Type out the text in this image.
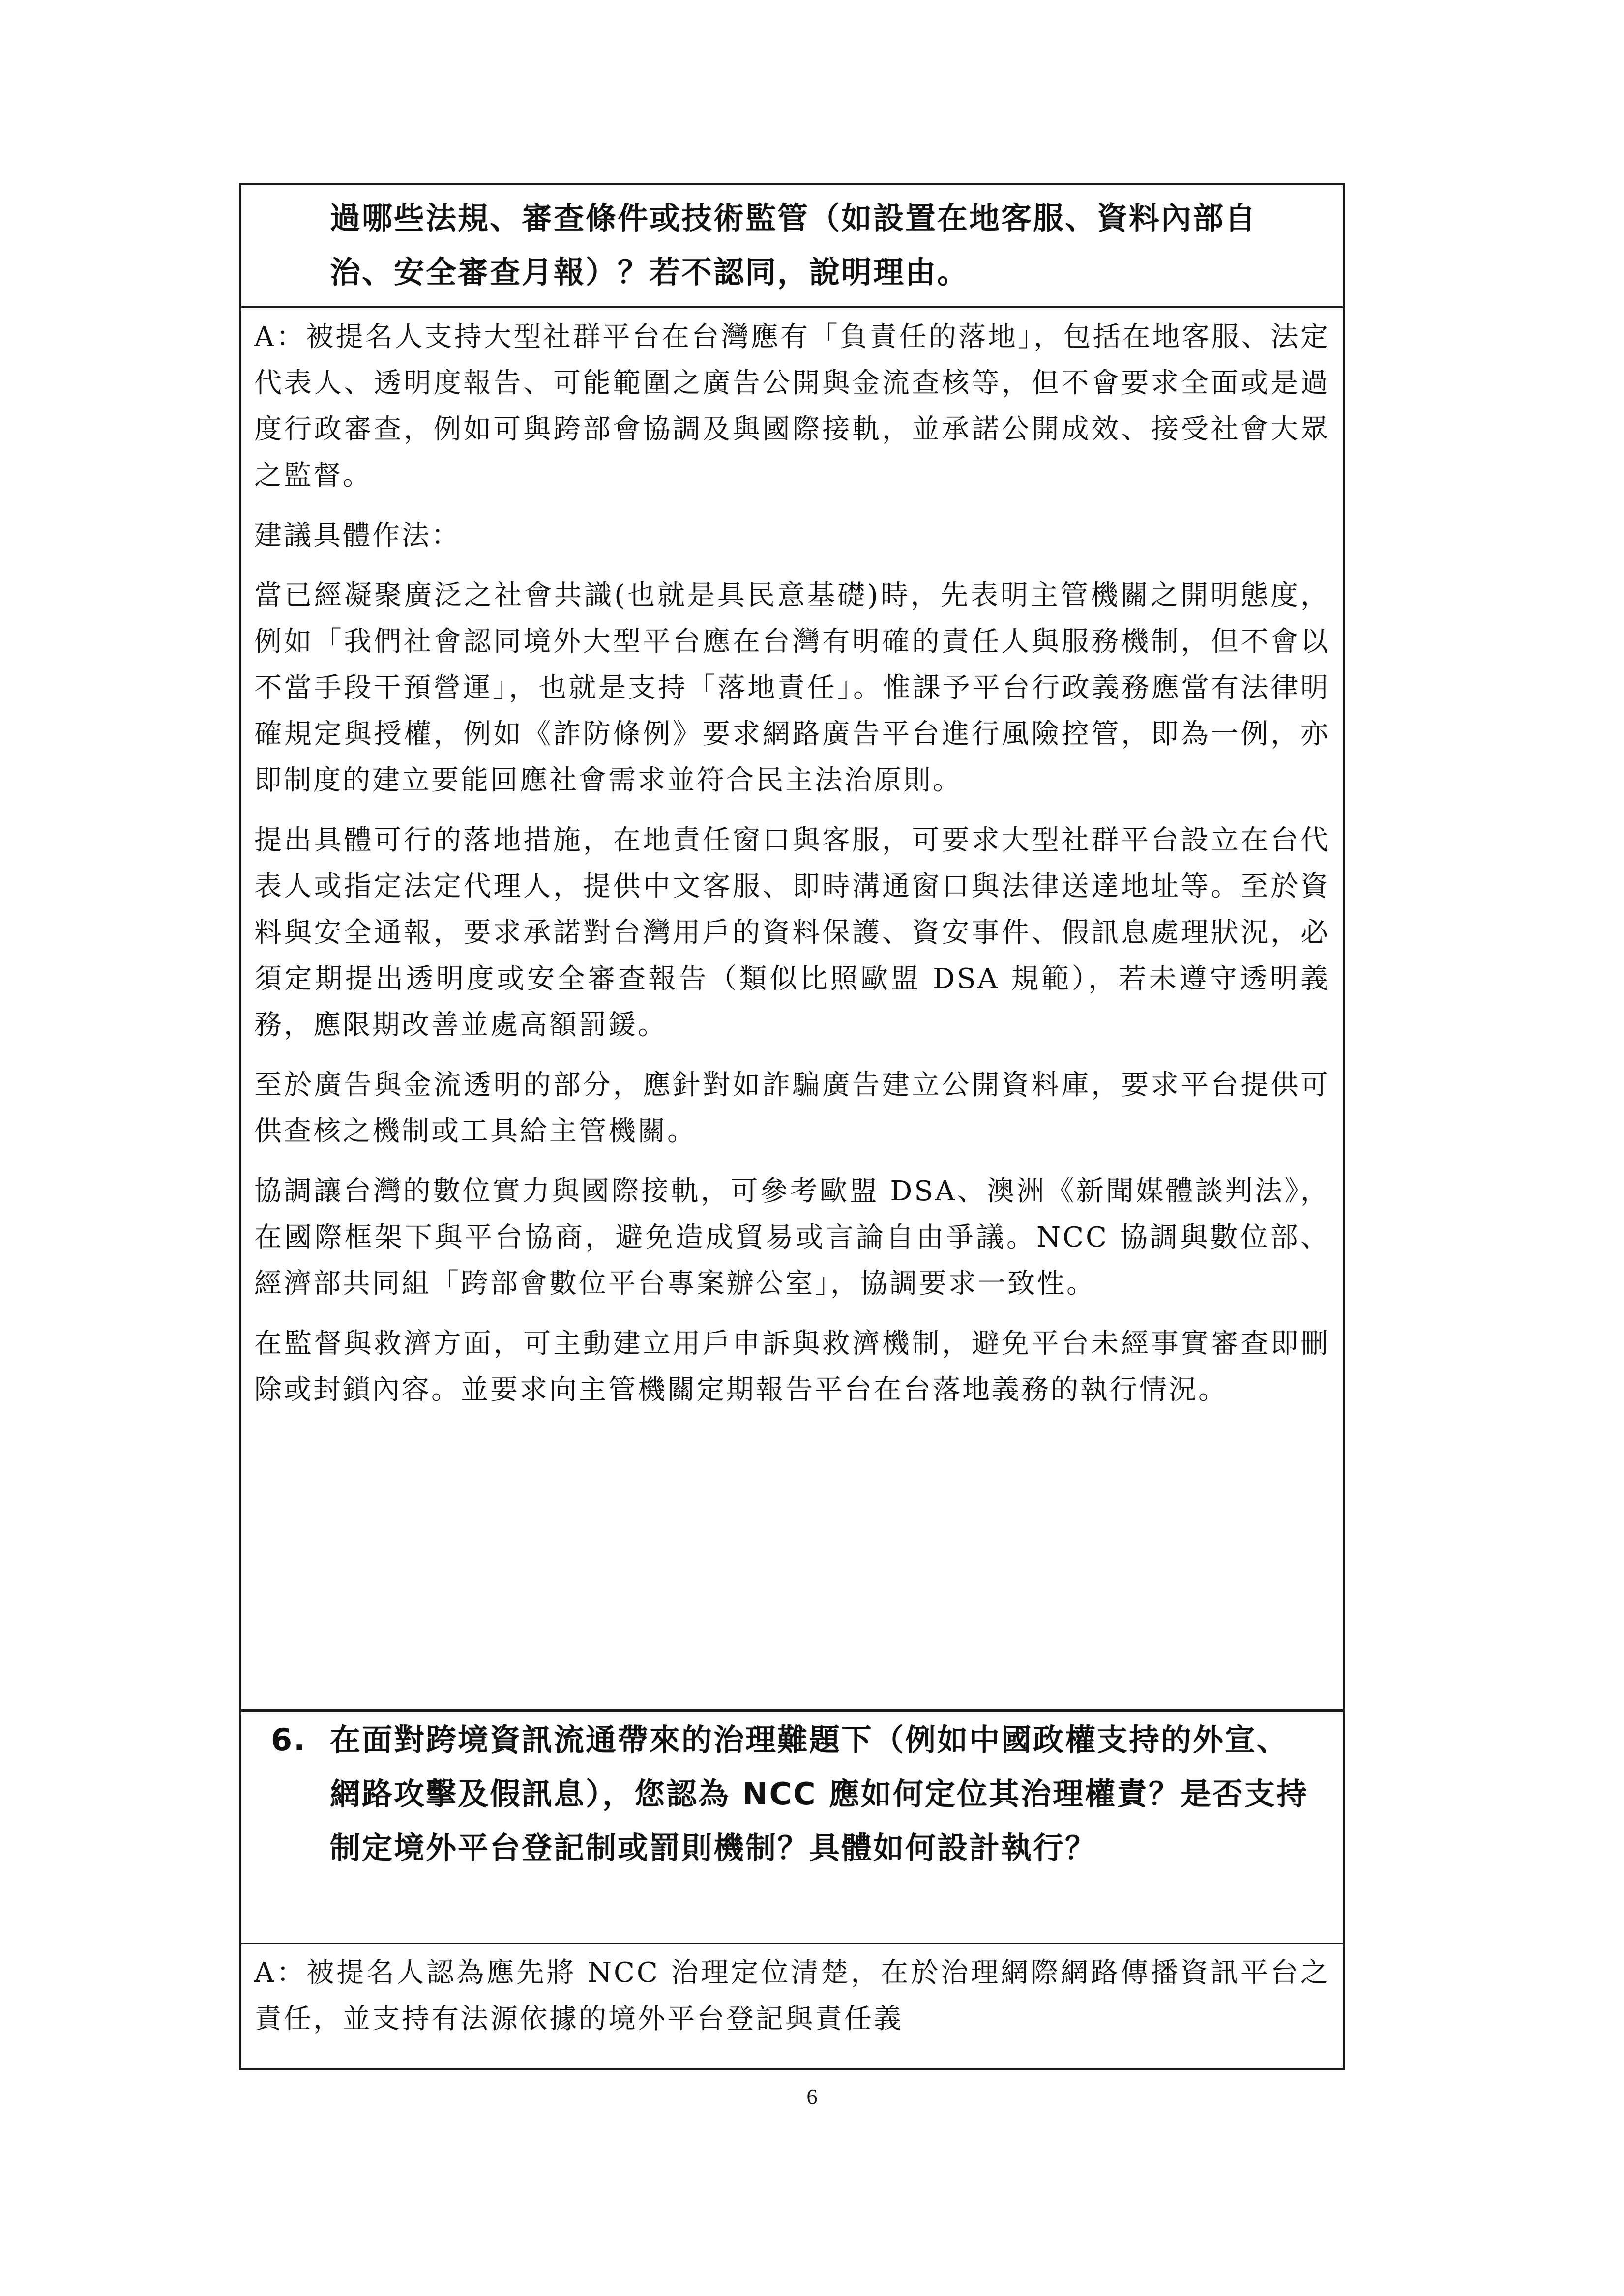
過哪些法規、審查條件或技術監管（如設置在地客服、資料內部自治、安全審查月報）？若不認同，說明理由。

A：被提名人支持大型社群平台在台灣應有「負責任的落地」，包括在地客服、法定代表人、透明度報告、可能範圍之廣告公開與金流查核等，但不會要求全面或是過度行政審查，例如可與跨部會協調及與國際接軌，並承諾公開成效、接受社會大眾之監督。

建議具體作法：

當已經凝聚廣泛之社會共識(也就是具民意基礎)時，先表明主管機關之開明態度，例如「我們社會認同境外大型平台應在台灣有明確的責任人與服務機制，但不會以不當手段干預營運」，也就是支持「落地責任」。惟課予平台行政義務應當有法律明確規定與授權，例如《詐防條例》要求網路廣告平台進行風險控管，即為一例，亦即制度的建立要能回應社會需求並符合民主法治原則。

提出具體可行的落地措施，在地責任窗口與客服，可要求大型社群平台設立在台代表人或指定法定代理人，提供中文客服、即時溝通窗口與法律送達地址等。至於資料與安全通報，要求承諾對台灣用戶的資料保護、資安事件、假訊息處理狀況，必須定期提出透明度或安全審查報告（類似比照歐盟 DSA 規範），若未遵守透明義務，應限期改善並處高額罰鍰。

至於廣告與金流透明的部分，應針對如詐騙廣告建立公開資料庫，要求平台提供可供查核之機制或工具給主管機關。

協調讓台灣的數位實力與國際接軌，可參考歐盟 DSA、澳洲《新聞媒體談判法》，在國際框架下與平台協商，避免造成貿易或言論自由爭議。NCC 協調與數位部、經濟部共同組「跨部會數位平台專案辦公室」，協調要求一致性。

在監督與救濟方面，可主動建立用戶申訴與救濟機制，避免平台未經事實審查即刪除或封鎖內容。並要求向主管機關定期報告平台在台落地義務的執行情況。

6. 在面對跨境資訊流通帶來的治理難題下（例如中國政權支持的外宣、網路攻擊及假訊息），您認為 NCC 應如何定位其治理權責？是否支持制定境外平台登記制或罰則機制？具體如何設計執行？

A：被提名人認為應先將 NCC 治理定位清楚，在於治理網際網路傳播資訊平台之責任，並支持有法源依據的境外平台登記與責任義

6
